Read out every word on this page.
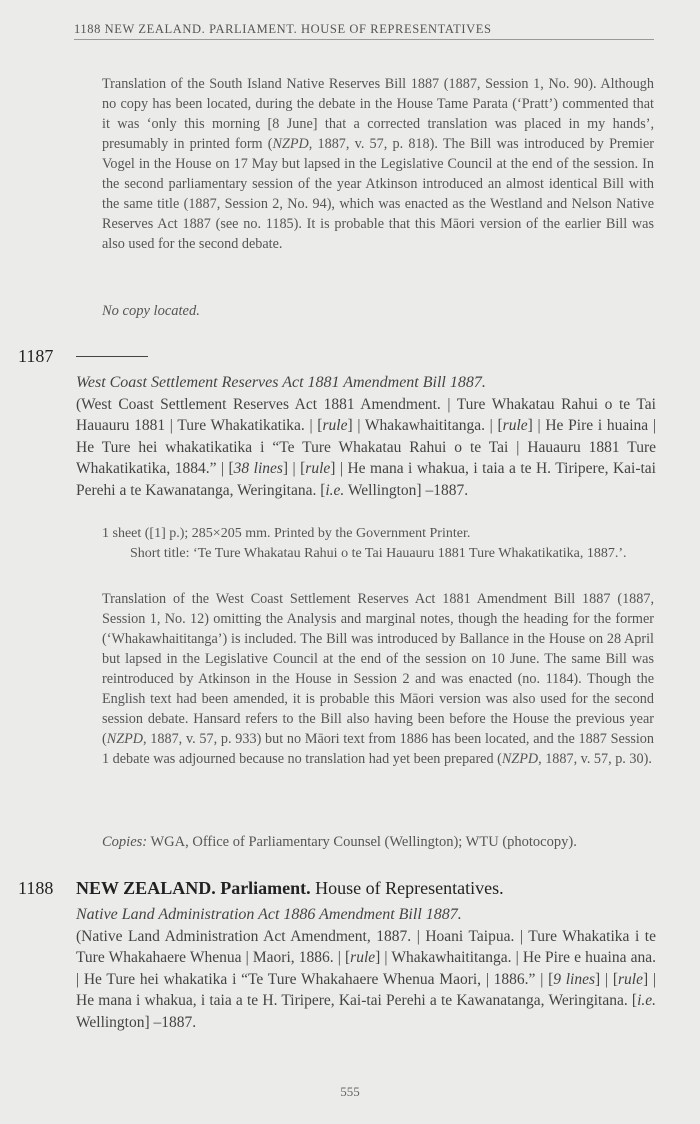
1188 NEW ZEALAND. PARLIAMENT. HOUSE OF REPRESENTATIVES
Translation of the South Island Native Reserves Bill 1887 (1887, Session 1, No. 90). Although no copy has been located, during the debate in the House Tame Parata (‘Pratt’) commented that it was ‘only this morning [8 June] that a corrected translation was placed in my hands’, presumably in printed form (NZPD, 1887, v. 57, p. 818). The Bill was introduced by Premier Vogel in the House on 17 May but lapsed in the Legislative Council at the end of the session. In the second parliamentary session of the year Atkinson introduced an almost identical Bill with the same title (1887, Session 2, No. 94), which was enacted as the Westland and Nelson Native Reserves Act 1887 (see no. 1185). It is probable that this Māori version of the earlier Bill was also used for the second debate.
No copy located.
1187
West Coast Settlement Reserves Act 1881 Amendment Bill 1887.
(West Coast Settlement Reserves Act 1881 Amendment. | Ture Whakatau Rahui o te Tai Hauauru 1881 | Ture Whakatikatika. | [rule] | Whakawhaititanga. | [rule] | He Pire i huaina | He Ture hei whakatikatika i “Te Ture Whakatau Rahui o te Tai | Hauauru 1881 Ture Whakatikatika, 1884.” | [38 lines] | [rule] | He mana i whakua, i taia a te H. Tiripere, Kai-tai Perehi a te Kawanatanga, Weringitana. [i.e. Wellington] –1887.
1 sheet ([1] p.); 285×205 mm. Printed by the Government Printer.
Short title: ‘Te Ture Whakatau Rahui o te Tai Hauauru 1881 Ture Whakatikatika, 1887.’.
Translation of the West Coast Settlement Reserves Act 1881 Amendment Bill 1887 (1887, Session 1, No. 12) omitting the Analysis and marginal notes, though the heading for the former (‘Whakawhaititanga’) is included. The Bill was introduced by Ballance in the House on 28 April but lapsed in the Legislative Council at the end of the session on 10 June. The same Bill was reintroduced by Atkinson in the House in Session 2 and was enacted (no. 1184). Though the English text had been amended, it is probable this Māori version was also used for the second session debate. Hansard refers to the Bill also having been before the House the previous year (NZPD, 1887, v. 57, p. 933) but no Māori text from 1886 has been located, and the 1887 Session 1 debate was adjourned because no translation had yet been prepared (NZPD, 1887, v. 57, p. 30).
Copies: WGA, Office of Parliamentary Counsel (Wellington); WTU (photocopy).
1188 NEW ZEALAND. Parliament. House of Representatives.
Native Land Administration Act 1886 Amendment Bill 1887.
(Native Land Administration Act Amendment, 1887. | Hoani Taipua. | Ture Whakatika i te Ture Whakahaere Whenua | Maori, 1886. | [rule] | Whakawhaititanga. | He Pire e huaina ana. | He Ture hei whakatika i “Te Ture Whakahaere Whenua Maori, | 1886.” | [9 lines] | [rule] | He mana i whakua, i taia a te H. Tiripere, Kai-tai Perehi a te Kawanatanga, Weringitana. [i.e. Wellington] –1887.
555
